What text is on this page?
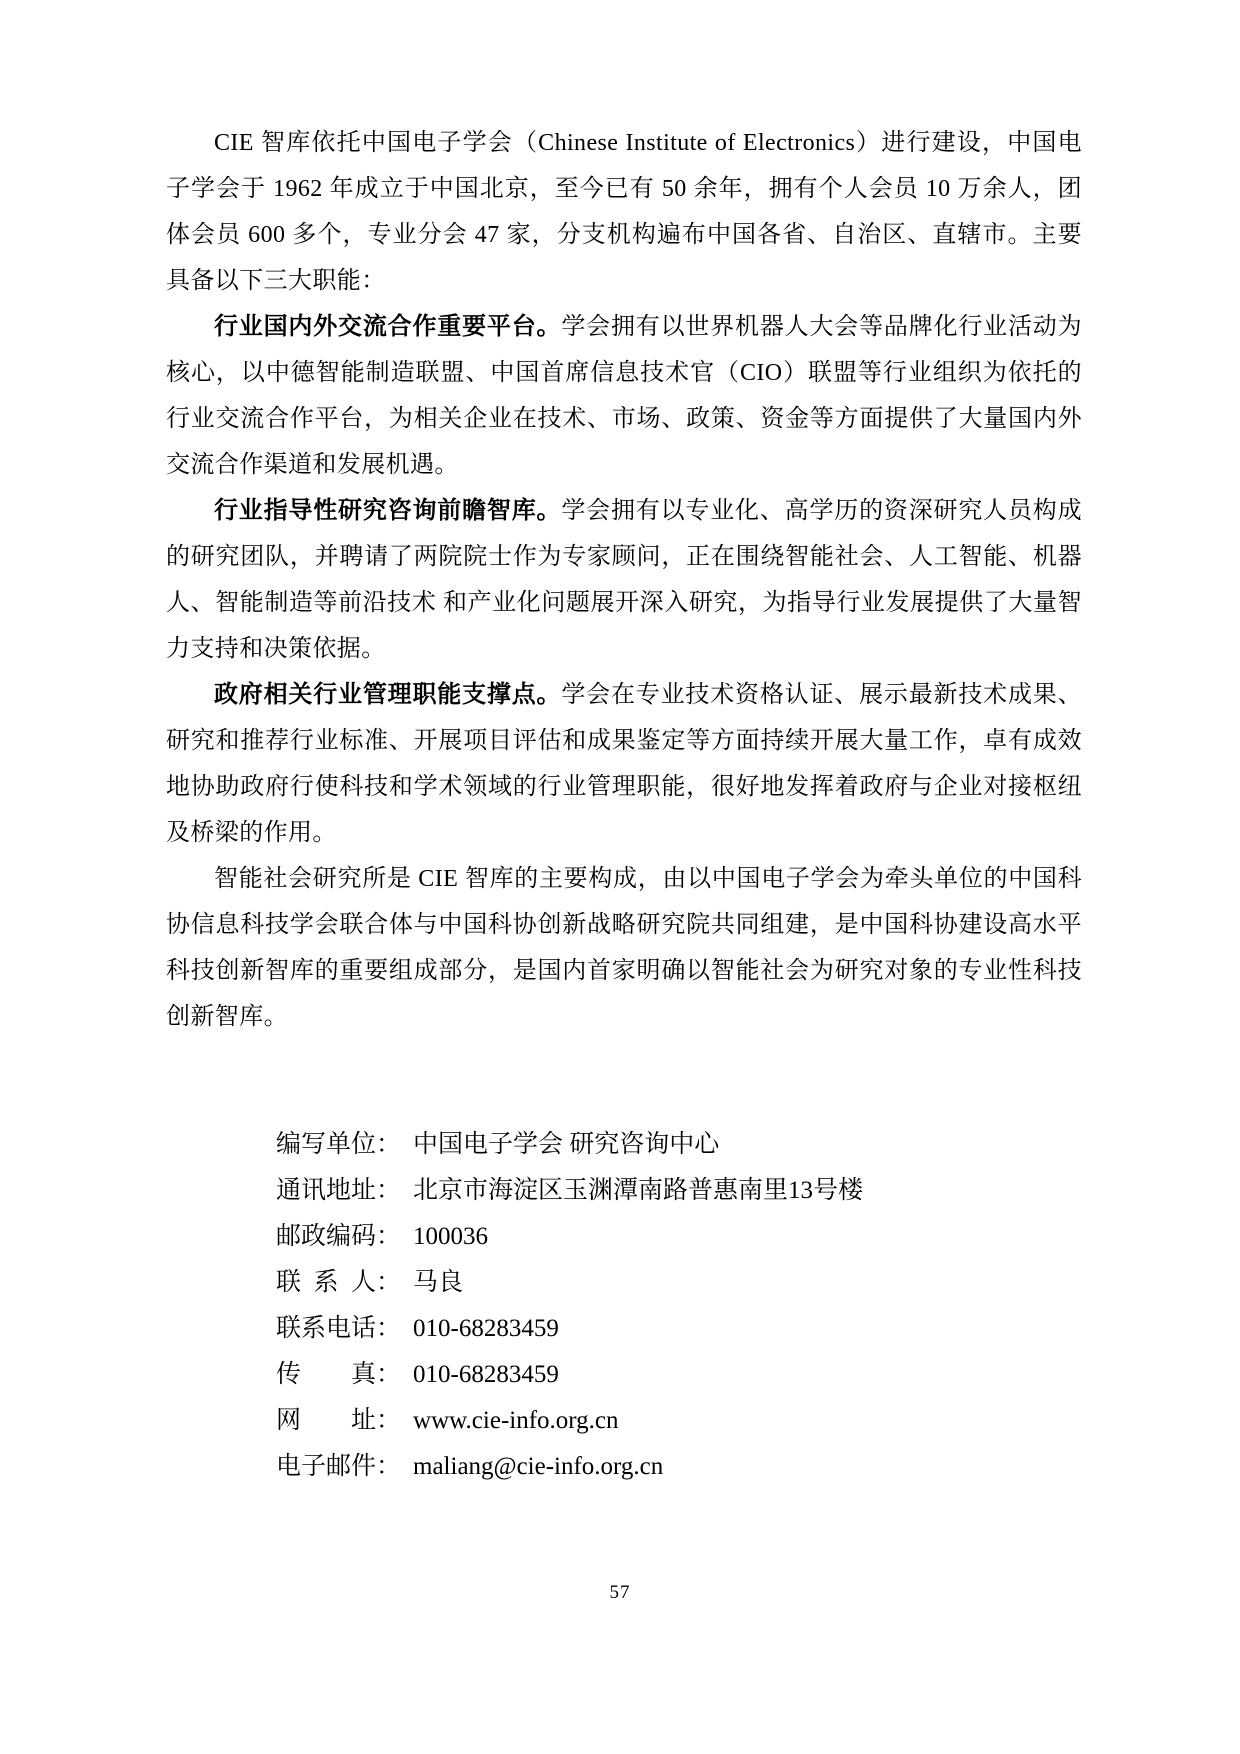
CIE 智库依托中国电子学会（Chinese Institute of Electronics）进行建设，中国电子学会于 1962 年成立于中国北京，至今已有 50 余年，拥有个人会员 10 万余人，团体会员 600 多个，专业分会 47 家，分支机构遍布中国各省、自治区、直辖市。主要具备以下三大职能：

行业国内外交流合作重要平台。学会拥有以世界机器人大会等品牌化行业活动为核心，以中德智能制造联盟、中国首席信息技术官（CIO）联盟等行业组织为依托的行业交流合作平台，为相关企业在技术、市场、政策、资金等方面提供了大量国内外交流合作渠道和发展机遇。

行业指导性研究咨询前瞻智库。学会拥有以专业化、高学历的资深研究人员构成的研究团队，并聘请了两院院士作为专家顾问，正在围绕智能社会、人工智能、机器人、智能制造等前沿技术 和产业化问题展开深入研究，为指导行业发展提供了大量智力支持和决策依据。

政府相关行业管理职能支撑点。学会在专业技术资格认证、展示最新技术成果、研究和推荐行业标准、开展项目评估和成果鉴定等方面持续开展大量工作，卓有成效地协助政府行使科技和学术领域的行业管理职能，很好地发挥着政府与企业对接枢纽及桥梁的作用。

智能社会研究所是 CIE 智库的主要构成，由以中国电子学会为牵头单位的中国科协信息科技学会联合体与中国科协创新战略研究院共同组建，是中国科协建设高水平科技创新智库的重要组成部分，是国内首家明确以智能社会为研究对象的专业性科技创新智库。

编写单位： 中国电子学会 研究咨询中心
通讯地址： 北京市海淀区玉渊潭南路普惠南里13号楼
邮政编码： 100036
联系人： 马良
联系电话： 010-68283459
传真： 010-68283459
网址： www.cie-info.org.cn
电子邮件： maliang@cie-info.org.cn
57
